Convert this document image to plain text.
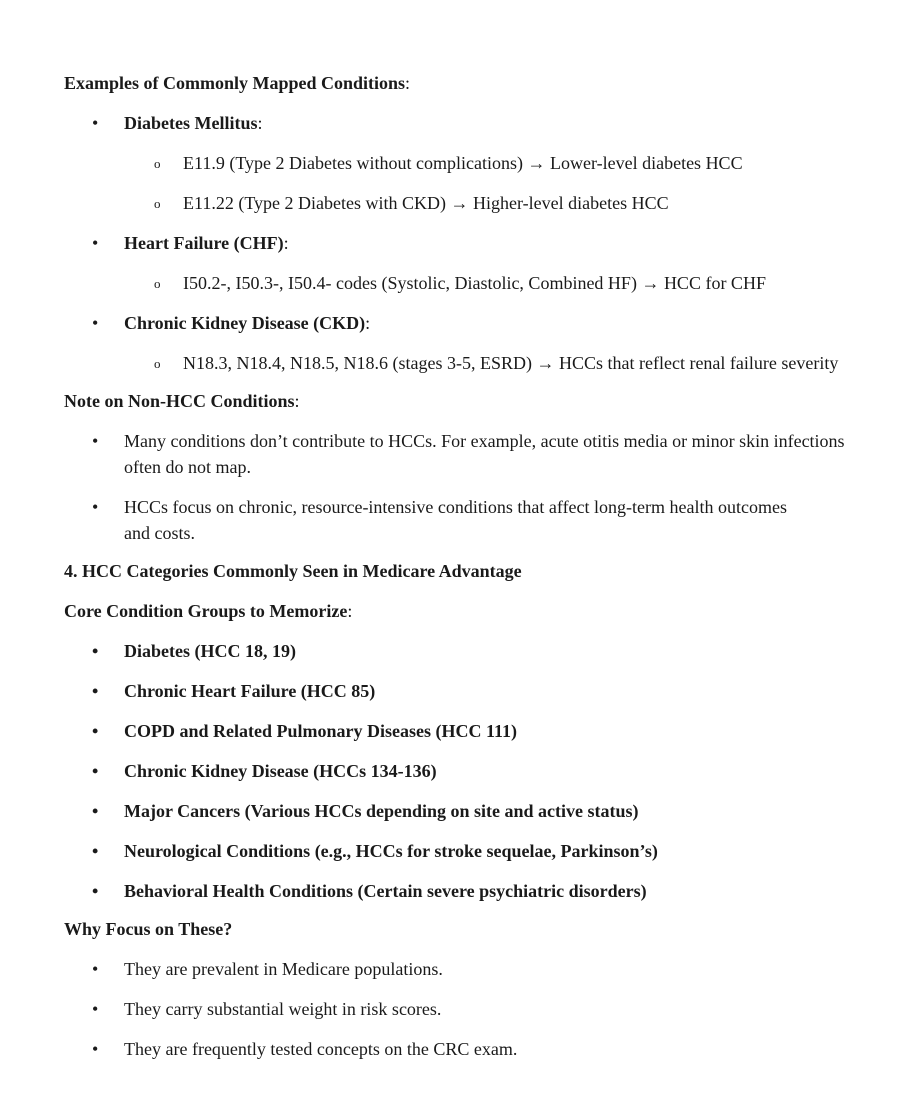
Examples of Commonly Mapped Conditions:

• Diabetes Mellitus:
o E11.9 (Type 2 Diabetes without complications) → Lower-level diabetes HCC
o E11.22 (Type 2 Diabetes with CKD) → Higher-level diabetes HCC
• Heart Failure (CHF):
o I50.2-, I50.3-, I50.4- codes (Systolic, Diastolic, Combined HF) → HCC for CHF
• Chronic Kidney Disease (CKD):
o N18.3, N18.4, N18.5, N18.6 (stages 3-5, ESRD) → HCCs that reflect renal failure severity

Note on Non-HCC Conditions:

• Many conditions don’t contribute to HCCs. For example, acute otitis media or minor skin infections often do not map.
• HCCs focus on chronic, resource-intensive conditions that affect long-term health outcomes and costs.

4. HCC Categories Commonly Seen in Medicare Advantage

Core Condition Groups to Memorize:

• Diabetes (HCC 18, 19)
• Chronic Heart Failure (HCC 85)
• COPD and Related Pulmonary Diseases (HCC 111)
• Chronic Kidney Disease (HCCs 134-136)
• Major Cancers (Various HCCs depending on site and active status)
• Neurological Conditions (e.g., HCCs for stroke sequelae, Parkinson’s)
• Behavioral Health Conditions (Certain severe psychiatric disorders)

Why Focus on These?

• They are prevalent in Medicare populations.
• They carry substantial weight in risk scores.
• They are frequently tested concepts on the CRC exam.
